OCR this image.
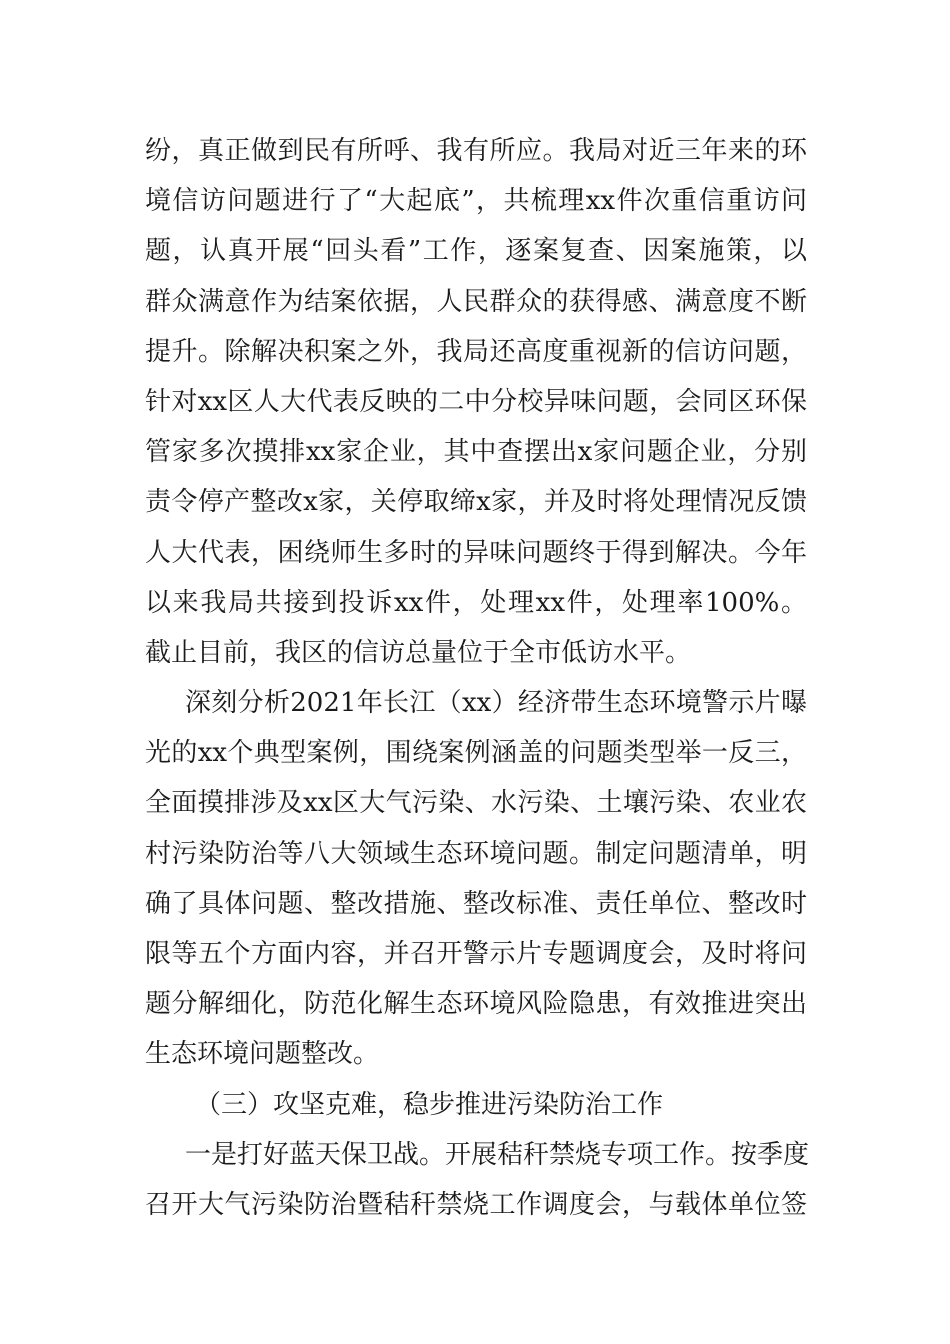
纷，真正做到民有所呼、我有所应。我局对近三年来的环
境信访问题进行了“大起底”，共梳理xx件次重信重访问
题，认真开展“回头看”工作，逐案复查、因案施策，以
群众满意作为结案依据，人民群众的获得感、满意度不断
提升。除解决积案之外，我局还高度重视新的信访问题，
针对xx区人大代表反映的二中分校异味问题，会同区环保
管家多次摸排xx家企业，其中查摆出x家问题企业，分别
责令停产整改x家，关停取缔x家，并及时将处理情况反馈
人大代表，困绕师生多时的异味问题终于得到解决。今年
以来我局共接到投诉xx件，处理xx件，处理率100%。
截止目前，我区的信访总量位于全市低访水平。
深刻分析2021年长江（xx）经济带生态环境警示片曝
光的xx个典型案例，围绕案例涵盖的问题类型举一反三，
全面摸排涉及xx区大气污染、水污染、土壤污染、农业农
村污染防治等八大领域生态环境问题。制定问题清单，明
确了具体问题、整改措施、整改标准、责任单位、整改时
限等五个方面内容，并召开警示片专题调度会，及时将问
题分解细化，防范化解生态环境风险隐患，有效推进突出
生态环境问题整改。
（三）攻坚克难，稳步推进污染防治工作
一是打好蓝天保卫战。开展秸秆禁烧专项工作。按季度
召开大气污染防治暨秸秆禁烧工作调度会，与载体单位签
